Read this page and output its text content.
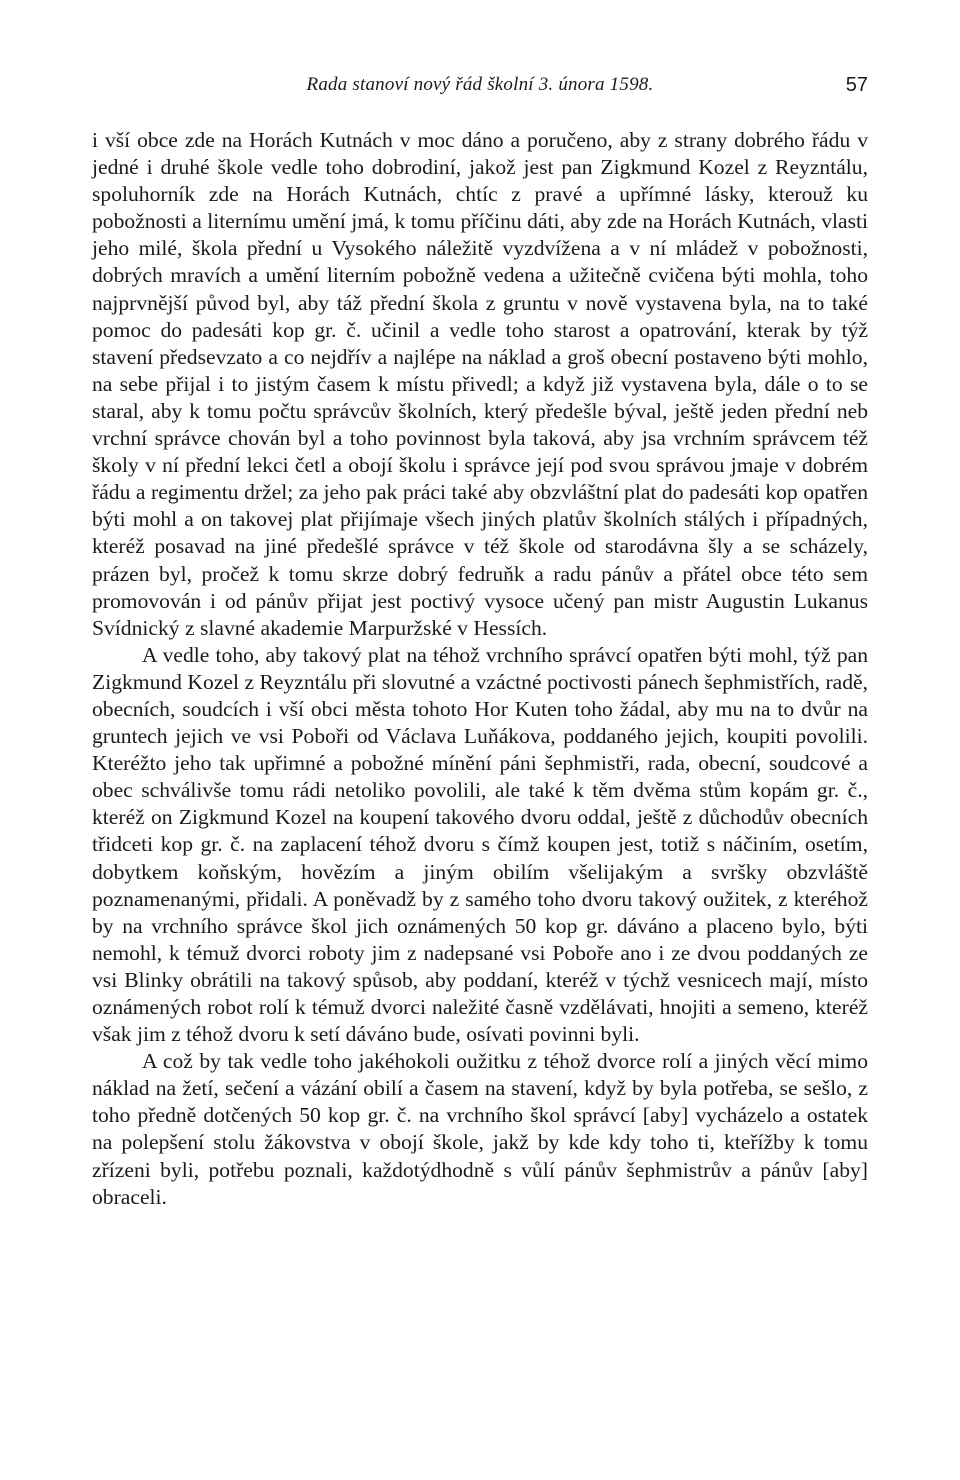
Rada stanoví nový řád školní 3. února 1598.	57

i vší obce zde na Horách Kutnách v moc dáno a poručeno, aby z strany dobrého řádu v jedné i druhé škole vedle toho dobrodiní, jakož jest pan Zigkmund Kozel z Reyzntálu, spoluhorník zde na Horách Kutnách, chtíc z pravé a upřímné lásky, kterouž ku pobožnosti a liternímu umění jmá, k tomu příčinu dáti, aby zde na Horách Kutnách, vlasti jeho milé, škola přední u Vysokého náležitě vyzdvížena a v ní mládež v pobožnosti, dobrých mravích a umění literním pobožně vedena a užitečně cvičena býti mohla, toho najprvnější původ byl, aby táž přední škola z gruntu v nově vystavena byla, na to také pomoc do padesáti kop gr. č. učinil a vedle toho starost a opatrování, kterak by týž stavení předsevzato a co nejdřív a najlépe na náklad a groš obecní postaveno býti mohlo, na sebe přijal i to jistým časem k místu přivedl; a když již vystavena byla, dále o to se staral, aby k tomu počtu správcův školních, který předešle býval, ještě jeden přední neb vrchní správce chován byl a toho povinnost byla taková, aby jsa vrchním správcem též školy v ní přední lekci četl a obojí školu i správce její pod svou správou jmaje v dobrém řádu a regimentu držel; za jeho pak práci také aby obzvláštní plat do padesáti kop opatřen býti mohl a on takovej plat přijímaje všech jiných platův školních stálých i případných, kteréž posavad na jiné předešlé správce v též škole od starodávna šly a se scházely, prázen byl, pročež k tomu skrze dobrý fedruňk a radu pánův a přátel obce této sem promovován i od pánův přijat jest poctivý vysoce učený pan mistr Augustin Lukanus Svídnický z slavné akademie Marpuržské v Hessích.

A vedle toho, aby takový plat na téhož vrchního správcí opatřen býti mohl, týž pan Zigkmund Kozel z Reyzntálu při slovutné a vzáctné poctivosti pánech šephmistřích, radě, obecních, soudcích i vší obci města tohoto Hor Kuten toho žádal, aby mu na to dvůr na gruntech jejich ve vsi Poboři od Václava Luňákova, poddaného jejich, koupiti povolili. Kteréžto jeho tak upřimné a pobožné mínění páni šephmistři, rada, obecní, soudcové a obec schválivše tomu rádi netoliko povolili, ale také k těm dvěma stům kopám gr. č., kteréž on Zigkmund Kozel na koupení takového dvoru oddal, ještě z důchodův obecních třidceti kop gr. č. na zaplacení téhož dvoru s čímž koupen jest, totiž s náčiním, osetím, dobytkem koňským, hovězím a jiným obilím všelijakým a svršky obzvláště poznamenanými, přidali. A poněvadž by z samého toho dvoru takový oužitek, z kteréhož by na vrchního správce škol jich oznámených 50 kop gr. dáváno a placeno bylo, býti nemohl, k témuž dvorci roboty jim z nadepsané vsi Pobořе ano i ze dvou poddaných ze vsi Blinky obrátili na takový spůsob, aby poddaní, kteréž v týchž vesnicech mají, místo oznámených robot rolí k témuž dvorci naležité časně vzdělávati, hnojiti a semeno, kteréž však jim z téhož dvoru k setí dáváno bude, osívati povinni byli.

A což by tak vedle toho jakéhokoli oužitku z téhož dvorce rolí a jiných věcí mimo náklad na žetí, sečení a vázání obilí a časem na stavení, když by byla potřeba, se sešlo, z toho předně dotčených 50 kop gr. č. na vrchního škol správcí [aby] vycházelo a ostatek na polepšení stolu žákovstva v obojí škole, jakž by kde kdy toho ti, kteřížby k tomu zřízeni byli, potřebu poznali, každotýdhodně s vůlí pánův šephmistrův a pánův [aby] obraceli.
